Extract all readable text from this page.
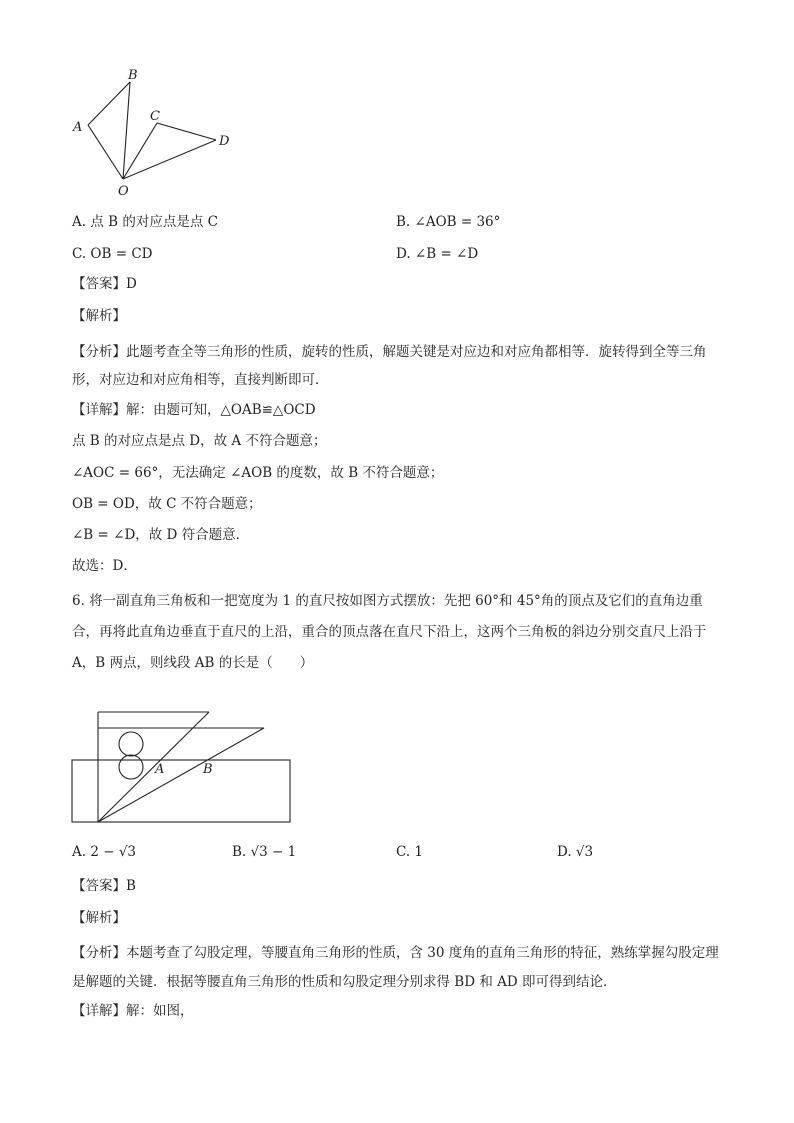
B
A
C
D
O
A. 点 B 的对应点是点 C	B. ∠AOB = 36°
C. OB = CD	D. ∠B = ∠D
【答案】D
【解析】
【分析】此题考查全等三角形的性质，旋转的性质，解题关键是对应边和对应角都相等．旋转得到全等三角形，对应边和对应角相等，直接判断即可．
【详解】解：由题可知，△OAB≌△OCD
点 B 的对应点是点 D，故 A 不符合题意；
∠AOC = 66°，无法确定 ∠AOB 的度数，故 B 不符合题意；
OB = OD，故 C 不符合题意；
∠B = ∠D，故 D 符合题意．
故选：D．
6. 将一副直角三角板和一把宽度为 1 的直尺按如图方式摆放：先把 60°和 45°角的顶点及它们的直角边重合，再将此直角边垂直于直尺的上沿，重合的顶点落在直尺下沿上，这两个三角板的斜边分别交直尺上沿于 A，B 两点，则线段 AB 的长是（　　）
A	B
A. 2 − √3	B. √3 − 1	C. 1	D. √3
【答案】B
【解析】
【分析】本题考查了勾股定理，等腰直角三角形的性质，含 30 度角的直角三角形的特征，熟练掌握勾股定理是解题的关键．根据等腰直角三角形的性质和勾股定理分别求得 BD 和 AD 即可得到结论．
【详解】解：如图，
